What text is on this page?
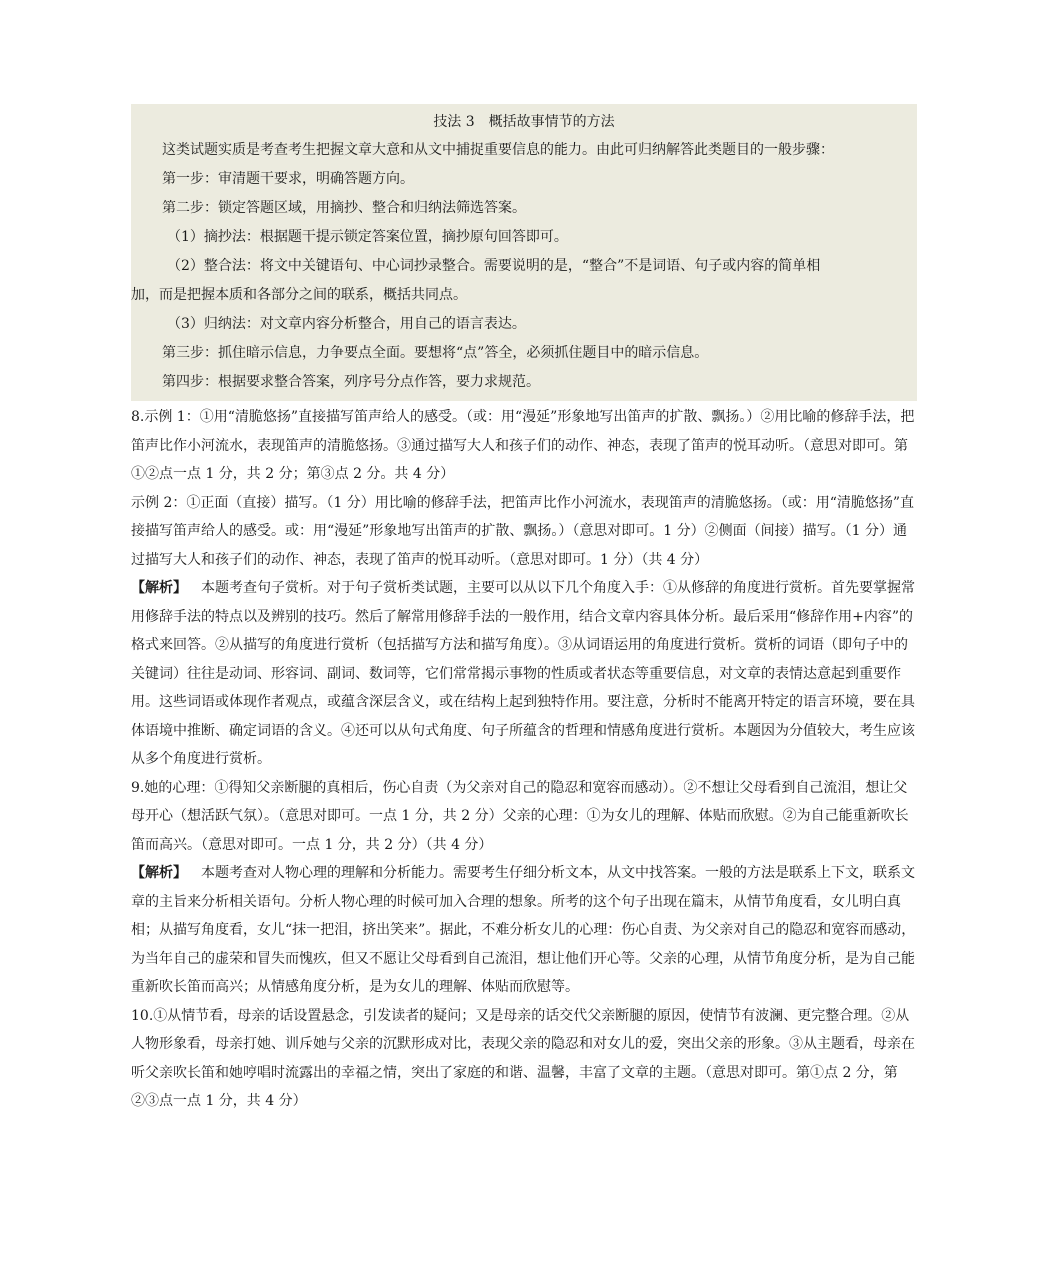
技法 3　概括故事情节的方法
这类试题实质是考查考生把握文章大意和从文中捕捉重要信息的能力。由此可归纳解答此类题目的一般步骤：
第一步：审清题干要求，明确答题方向。
第二步：锁定答题区域，用摘抄、整合和归纳法筛选答案。
（1）摘抄法：根据题干提示锁定答案位置，摘抄原句回答即可。
（2）整合法：将文中关键语句、中心词抄录整合。需要说明的是，“整合”不是词语、句子或内容的简单相
加，而是把握本质和各部分之间的联系，概括共同点。
（3）归纳法：对文章内容分析整合，用自己的语言表达。
第三步：抓住暗示信息，力争要点全面。要想将“点”答全，必须抓住题目中的暗示信息。
第四步：根据要求整合答案，列序号分点作答，要力求规范。

8.示例 1：①用“清脆悠扬”直接描写笛声给人的感受。（或：用“漫延”形象地写出笛声的扩散、飘扬。）②用比喻的修辞手法，把笛声比作小河流水，表现笛声的清脆悠扬。③通过描写大人和孩子们的动作、神态，表现了笛声的悦耳动听。（意思对即可。第①②点一点 1 分，共 2 分；第③点 2 分。共 4 分）

示例 2：①正面（直接）描写。（1 分）用比喻的修辞手法，把笛声比作小河流水，表现笛声的清脆悠扬。（或：用“清脆悠扬”直接描写笛声给人的感受。或：用“漫延”形象地写出笛声的扩散、飘扬。）（意思对即可。1 分）②侧面（间接）描写。（1 分）通过描写大人和孩子们的动作、神态，表现了笛声的悦耳动听。（意思对即可。1 分）（共 4 分）

【解析】 本题考查句子赏析。对于句子赏析类试题，主要可以从以下几个角度入手：①从修辞的角度进行赏析。首先要掌握常用修辞手法的特点以及辨别的技巧。然后了解常用修辞手法的一般作用，结合文章内容具体分析。最后采用“修辞作用+内容”的格式来回答。②从描写的角度进行赏析（包括描写方法和描写角度）。③从词语运用的角度进行赏析。赏析的词语（即句子中的关键词）往往是动词、形容词、副词、数词等，它们常常揭示事物的性质或者状态等重要信息，对文章的表情达意起到重要作用。这些词语或体现作者观点，或蕴含深层含义，或在结构上起到独特作用。要注意，分析时不能离开特定的语言环境，要在具体语境中推断、确定词语的含义。④还可以从句式角度、句子所蕴含的哲理和情感角度进行赏析。本题因为分值较大，考生应该从多个角度进行赏析。

9.她的心理：①得知父亲断腿的真相后，伤心自责（为父亲对自己的隐忍和宽容而感动）。②不想让父母看到自己流泪，想让父母开心（想活跃气氛）。（意思对即可。一点 1 分，共 2 分）父亲的心理：①为女儿的理解、体贴而欣慰。②为自己能重新吹长笛而高兴。（意思对即可。一点 1 分，共 2 分）（共 4 分）

【解析】 本题考查对人物心理的理解和分析能力。需要考生仔细分析文本，从文中找答案。一般的方法是联系上下文，联系文章的主旨来分析相关语句。分析人物心理的时候可加入合理的想象。所考的这个句子出现在篇末，从情节角度看，女儿明白真相；从描写角度看，女儿“抹一把泪，挤出笑来”。据此，不难分析女儿的心理：伤心自责、为父亲对自己的隐忍和宽容而感动，为当年自己的虚荣和冒失而愧疚，但又不愿让父母看到自己流泪，想让他们开心等。父亲的心理，从情节角度分析，是为自己能重新吹长笛而高兴；从情感角度分析，是为女儿的理解、体贴而欣慰等。

10.①从情节看，母亲的话设置悬念，引发读者的疑问；又是母亲的话交代父亲断腿的原因，使情节有波澜、更完整合理。②从人物形象看，母亲打她、训斥她与父亲的沉默形成对比，表现父亲的隐忍和对女儿的爱，突出父亲的形象。③从主题看，母亲在听父亲吹长笛和她哼唱时流露出的幸福之情，突出了家庭的和谐、温馨，丰富了文章的主题。（意思对即可。第①点 2 分，第②③点一点 1 分，共 4 分）
